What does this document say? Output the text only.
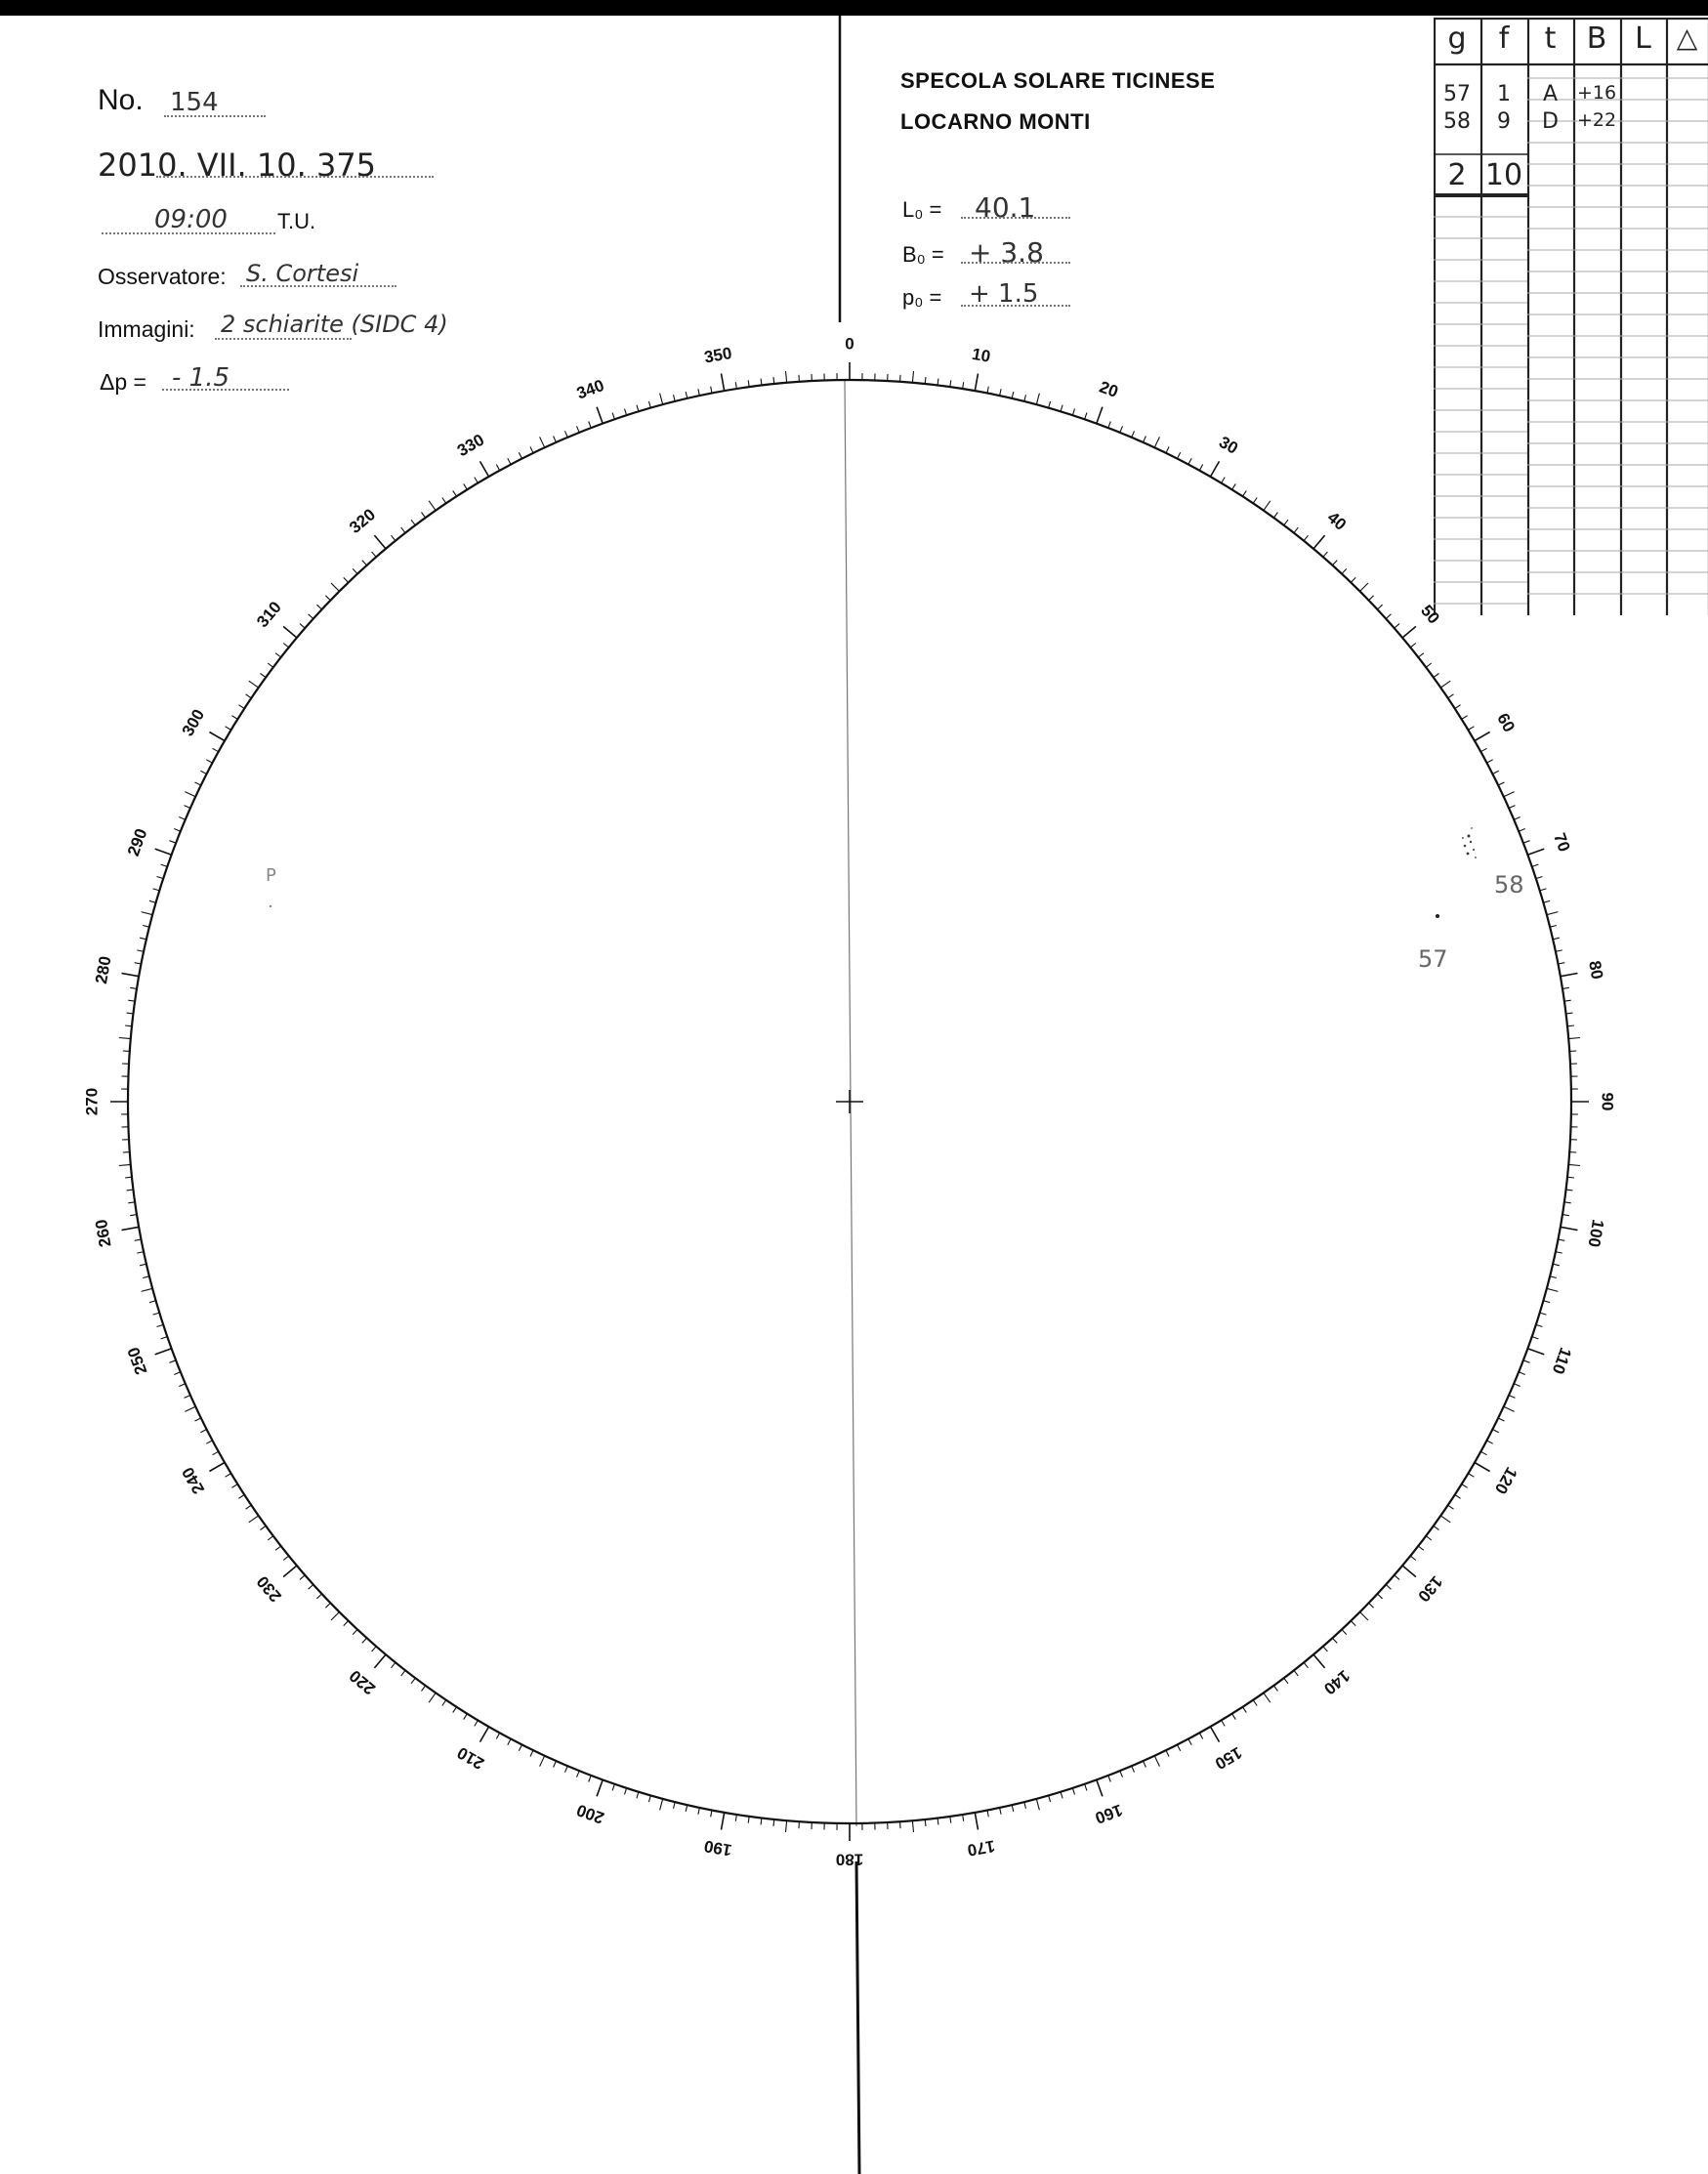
No. 154
2010. VII. 10. 375
09:00 T.U.
Osservatore: S. Cortesi
Immagini: 2 schiarite (SIDC 4)
Δp = - 1.5
SPECOLA SOLARE TICINESE
LOCARNO MONTI
L₀ = 40.1
B₀ = + 3.8
p₀ = + 1.5
g	f	t	B L △
57	1	A	+16
58	9	D +22
2 10
0
10
20
30
40
50
60
70
80
90
100
110
120
130
140
150
160
170
180
190
200
210
220
230
240
250
260
270
280
290
300
310
320
330
340
350
58
57
P
